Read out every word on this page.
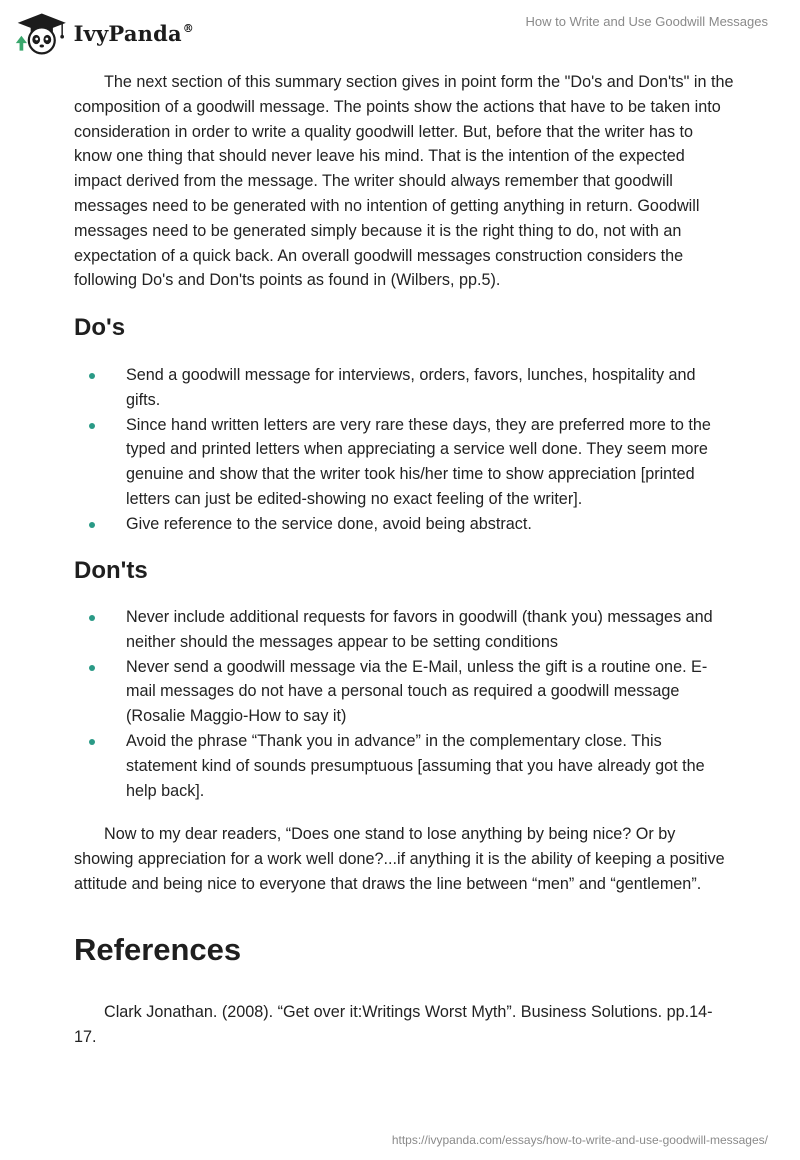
IvyPanda®	How to Write and Use Goodwill Messages

The next section of this summary section gives in point form the "Do's and Don'ts" in the composition of a goodwill message. The points show the actions that have to be taken into consideration in order to write a quality goodwill letter. But, before that the writer has to know one thing that should never leave his mind. That is the intention of the expected impact derived from the message. The writer should always remember that goodwill messages need to be generated with no intention of getting anything in return. Goodwill messages need to be generated simply because it is the right thing to do, not with an expectation of a quick back. An overall goodwill messages construction considers the following Do's and Don'ts points as found in (Wilbers, pp.5).

Do's
Send a goodwill message for interviews, orders, favors, lunches, hospitality and gifts.
Since hand written letters are very rare these days, they are preferred more to the typed and printed letters when appreciating a service well done. They seem more genuine and show that the writer took his/her time to show appreciation [printed letters can just be edited-showing no exact feeling of the writer].
Give reference to the service done, avoid being abstract.
Don'ts
Never include additional requests for favors in goodwill (thank you) messages and neither should the messages appear to be setting conditions
Never send a goodwill message via the E-Mail, unless the gift is a routine one. E-mail messages do not have a personal touch as required a goodwill message (Rosalie Maggio-How to say it)
Avoid the phrase “Thank you in advance” in the complementary close. This statement kind of sounds presumptuous [assuming that you have already got the help back].

Now to my dear readers, “Does one stand to lose anything by being nice? Or by showing appreciation for a work well done?...if anything it is the ability of keeping a positive attitude and being nice to everyone that draws the line between “men” and “gentlemen”.

References

Clark Jonathan. (2008). “Get over it:Writings Worst Myth”. Business Solutions. pp.14-17.

https://ivypanda.com/essays/how-to-write-and-use-goodwill-messages/
